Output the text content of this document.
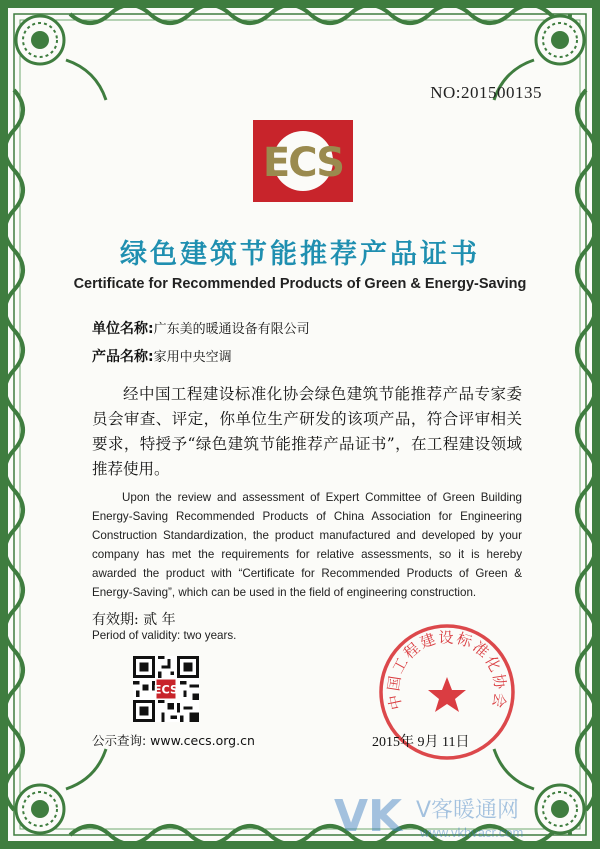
NO:201500135
ECS
绿色建筑节能推荐产品证书
Certificate for Recommended Products of Green & Energy-Saving
单位名称:广东美的暖通设备有限公司
产品名称:家用中央空调
经中国工程建设标准化协会绿色建筑节能推荐产品专家委员会审查、评定，你单位生产研发的该项产品，符合评审相关要求，特授予“绿色建筑节能推荐产品证书”，在工程建设领域推荐使用。
Upon the review and assessment of Expert Committee of Green Building Energy-Saving Recommended Products of China Association for Engineering Construction Standardization, the product manufactured and developed by your company has met the requirements for relative assessments, so it is hereby awarded the product with “Certificate for Recommended Products of Green & Energy-Saving”, which can be used in the field of engineering construction.
有效期: 贰 年
Period of validity: two years.
ECS
公示查询: www.cecs.org.cn
中国工程建设标准化协会
2015年 9月 11日
VK V客暖通网
www.vkhvacr.com
